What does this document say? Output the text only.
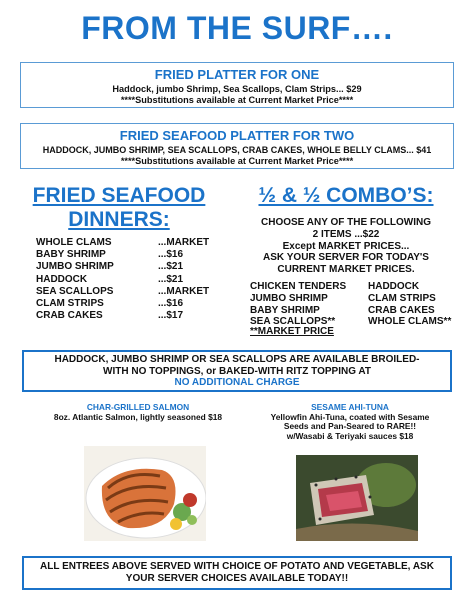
FROM THE SURF….
FRIED PLATTER FOR ONE
Haddock, jumbo Shrimp, Sea Scallops, Clam Strips... $29
****Substitutions available at Current Market Price****
FRIED SEAFOOD PLATTER FOR TWO
HADDOCK, JUMBO SHRIMP, SEA SCALLOPS, CRAB CAKES, WHOLE BELLY CLAMS... $41
****Substitutions available at Current Market Price****
FRIED SEAFOOD
DINNERS:
WHOLE CLAMS	...MARKET
BABY SHRIMP	...$16
JUMBO SHRIMP	...$21
HADDOCK	...$21
SEA SCALLOPS	...MARKET
CLAM STRIPS	...$16
CRAB CAKES	...$17
½ & ½ COMBO’S:
CHOOSE ANY OF THE FOLLOWING
2 ITEMS ...$22
Except MARKET PRICES...
ASK YOUR SERVER FOR TODAY'S
CURRENT MARKET PRICES.
CHICKEN TENDERS	HADDOCK
JUMBO SHRIMP	CLAM STRIPS
BABY SHRIMP	CRAB CAKES
SEA SCALLOPS**	WHOLE CLAMS**
**MARKET PRICE
HADDOCK, JUMBO SHRIMP OR SEA SCALLOPS ARE AVAILABLE BROILED-
WITH NO TOPPINGS, or BAKED-WITH RITZ TOPPING AT
NO ADDITIONAL CHARGE
CHAR-GRILLED SALMON
8oz. Atlantic Salmon, lightly seasoned $18
SESAME AHI-TUNA
Yellowfin Ahi-Tuna, coated with Sesame
Seeds and Pan-Seared to RARE!!
w/Wasabi & Teriyaki sauces $18
ALL ENTREES ABOVE SERVED WITH CHOICE OF POTATO AND VEGETABLE, ASK
YOUR SERVER CHOICES AVAILABLE TODAY!!
